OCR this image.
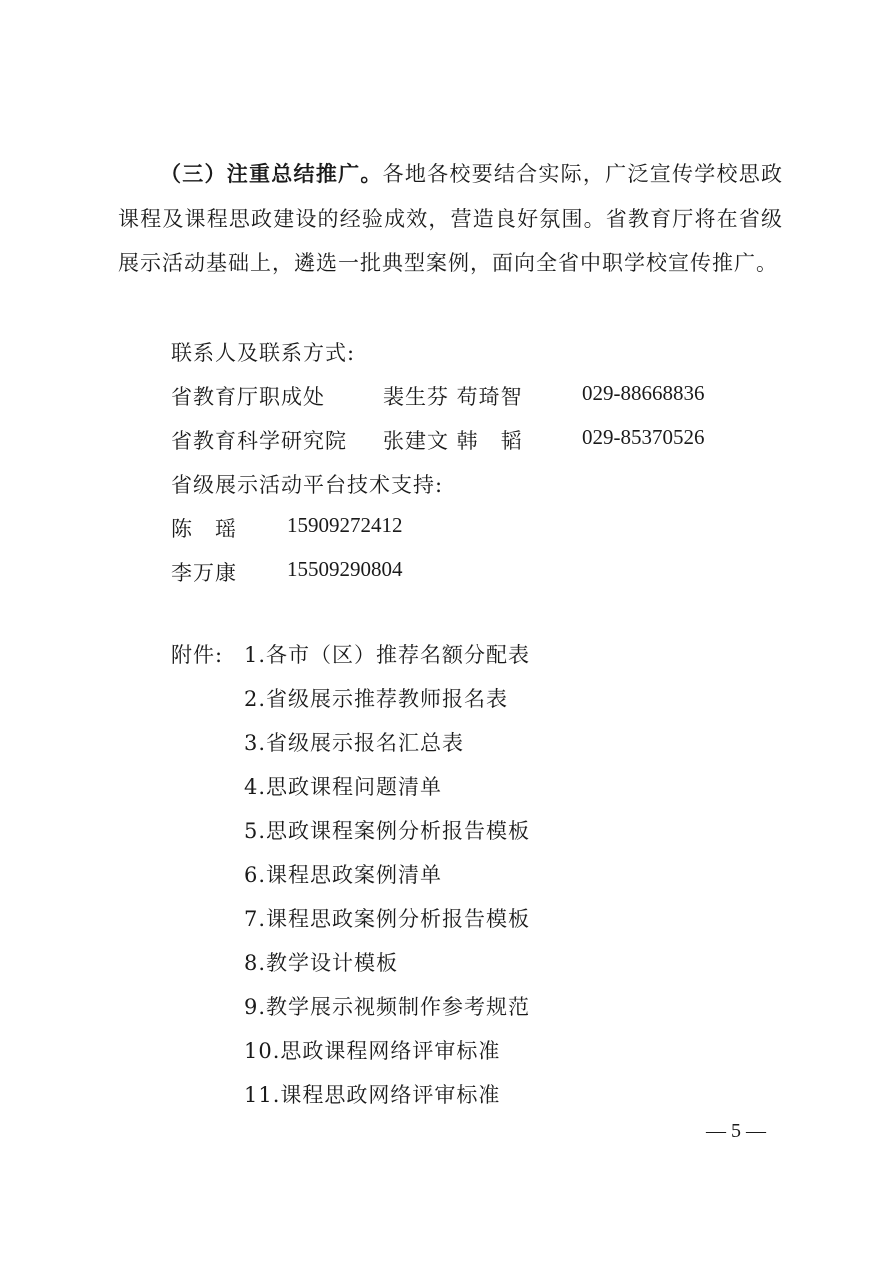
（三）注重总结推广。各地各校要结合实际，广泛宣传学校思政课程及课程思政建设的经验成效，营造良好氛围。省教育厅将在省级展示活动基础上，遴选一批典型案例，面向全省中职学校宣传推广。

联系人及联系方式:
省教育厅职成处	裴生芬 苟琦智	029-88668836
省教育科学研究院 张建文 韩　韬	029-85370526
省级展示活动平台技术支持:
陈　瑶 15909272412
李万康 15509290804
附件: 1.各市（区）推荐名额分配表
2.省级展示推荐教师报名表
3.省级展示报名汇总表
4.思政课程问题清单
5.思政课程案例分析报告模板
6.课程思政案例清单
7.课程思政案例分析报告模板
8.教学设计模板
9.教学展示视频制作参考规范
10.思政课程网络评审标准
11.课程思政网络评审标准
— 5 —
